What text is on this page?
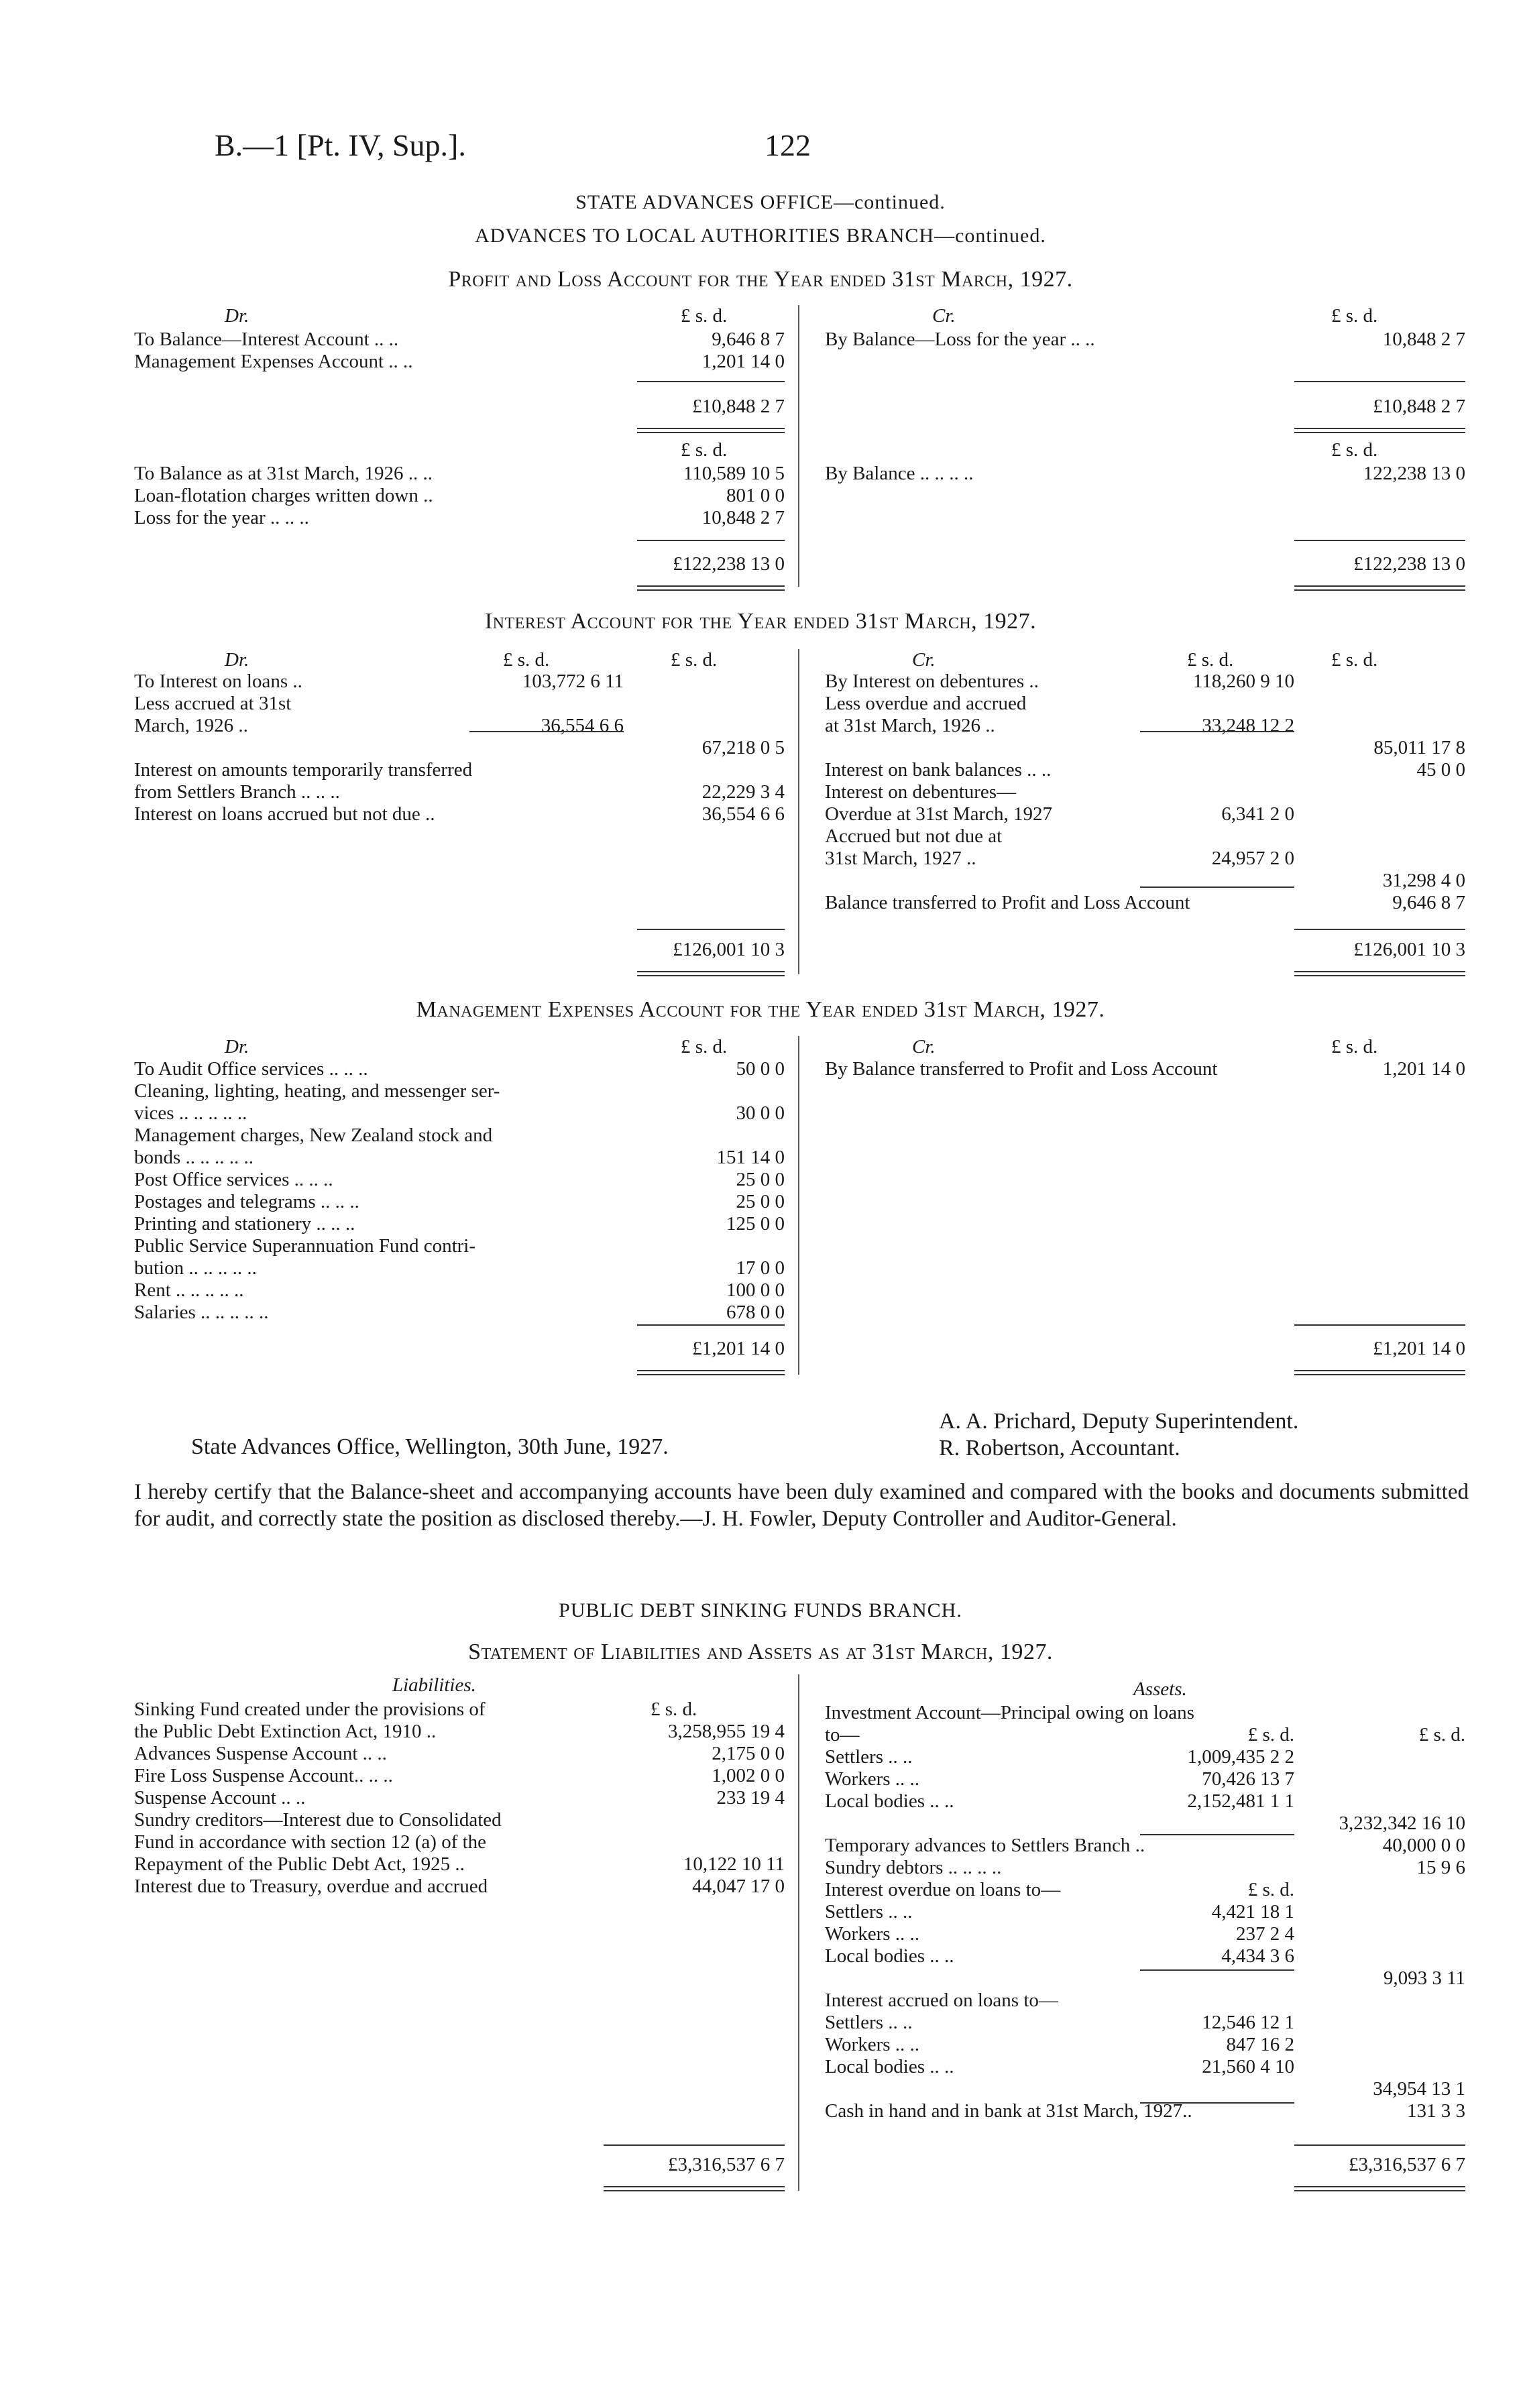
B.—1 [Pt. IV, Sup.].	122
STATE ADVANCES OFFICE—continued.
ADVANCES TO LOCAL AUTHORITIES BRANCH—continued.
Profit and Loss Account for the Year ended 31st March, 1927.
Dr.	£ s. d.	Cr.	£ s. d.
To Balance—Interest Account .. ..	9,646 8 7
Management Expenses Account .. ..	1,201 14 0
By Balance—Loss for the year .. ..	10,848 2 7
£10,848 2 7	£10,848 2 7
£ s. d.	£ s. d.
To Balance as at 31st March, 1926 .. ..	110,589 10 5
Loan-flotation charges written down ..	801 0 0
Loss for the year .. .. ..	10,848 2 7
By Balance .. .. .. ..	122,238 13 0
£122,238 13 0	£122,238 13 0
Interest Account for the Year ended 31st March, 1927.
Dr.	£ s. d.	£ s. d.	Cr.	£ s. d.	£ s. d.
To Interest on loans ..	103,772 6 11
Less accrued at 31st
March, 1926 ..	36,554 6 6
67,218 0 5
Interest on amounts temporarily transferred
from Settlers Branch .. .. ..	22,229 3 4
Interest on loans accrued but not due ..	36,554 6 6
By Interest on debentures ..	118,260 9 10
Less overdue and accrued
at 31st March, 1926 ..	33,248 12 2
85,011 17 8
Interest on bank balances .. ..	45 0 0
Interest on debentures—
Overdue at 31st March, 1927	6,341 2 0
Accrued but not due at
31st March, 1927 ..	24,957 2 0
31,298 4 0
Balance transferred to Profit and Loss Account	9,646 8 7
£126,001 10 3	£126,001 10 3
Management Expenses Account for the Year ended 31st March, 1927.
Dr.	£ s. d.	Cr.	£ s. d.
To Audit Office services .. .. ..	50 0 0
Cleaning, lighting, heating, and messenger ser-
vices .. .. .. .. ..	30 0 0
Management charges, New Zealand stock and
bonds .. .. .. .. ..	151 14 0
Post Office services .. .. ..	25 0 0
Postages and telegrams .. .. ..	25 0 0
Printing and stationery .. .. ..	125 0 0
Public Service Superannuation Fund contri-
bution .. .. .. .. ..	17 0 0
Rent .. .. .. .. ..	100 0 0
Salaries .. .. .. .. ..	678 0 0
By Balance transferred to Profit and Loss Account	1,201 14 0
£1,201 14 0	£1,201 14 0
State Advances Office, Wellington, 30th June, 1927.
A. A. Prichard, Deputy Superintendent.
R. Robertson, Accountant.
I hereby certify that the Balance-sheet and accompanying accounts have been duly examined and compared with the books and documents submitted for audit, and correctly state the position as disclosed thereby.—J. H. Fowler, Deputy Controller and Auditor-General.
PUBLIC DEBT SINKING FUNDS BRANCH.
Statement of Liabilities and Assets as at 31st March, 1927.
Liabilities.	Assets.
£ s. d.
Sinking Fund created under the provisions of
the Public Debt Extinction Act, 1910 ..	3,258,955 19 4
Advances Suspense Account .. ..	2,175 0 0
Fire Loss Suspense Account.. .. ..	1,002 0 0
Suspense Account .. ..	233 19 4
Sundry creditors—Interest due to Consolidated
Fund in accordance with section 12 (a) of the
Repayment of the Public Debt Act, 1925 ..	10,122 10 11
Interest due to Treasury, overdue and accrued	44,047 17 0
Investment Account—Principal owing on loans
to—	£ s. d.	£ s. d.
Settlers .. ..	1,009,435 2 2
Workers .. ..	70,426 13 7
Local bodies .. ..	2,152,481 1 1
3,232,342 16 10
Temporary advances to Settlers Branch ..	40,000 0 0
Sundry debtors .. .. .. ..	15 9 6
Interest overdue on loans to—	£ s. d.
Settlers .. ..	4,421 18 1
Workers .. ..	237 2 4
Local bodies .. ..	4,434 3 6
9,093 3 11
Interest accrued on loans to—
Settlers .. ..	12,546 12 1
Workers .. ..	847 16 2
Local bodies .. ..	21,560 4 10
34,954 13 1
Cash in hand and in bank at 31st March, 1927..	131 3 3
£3,316,537 6 7	£3,316,537 6 7
